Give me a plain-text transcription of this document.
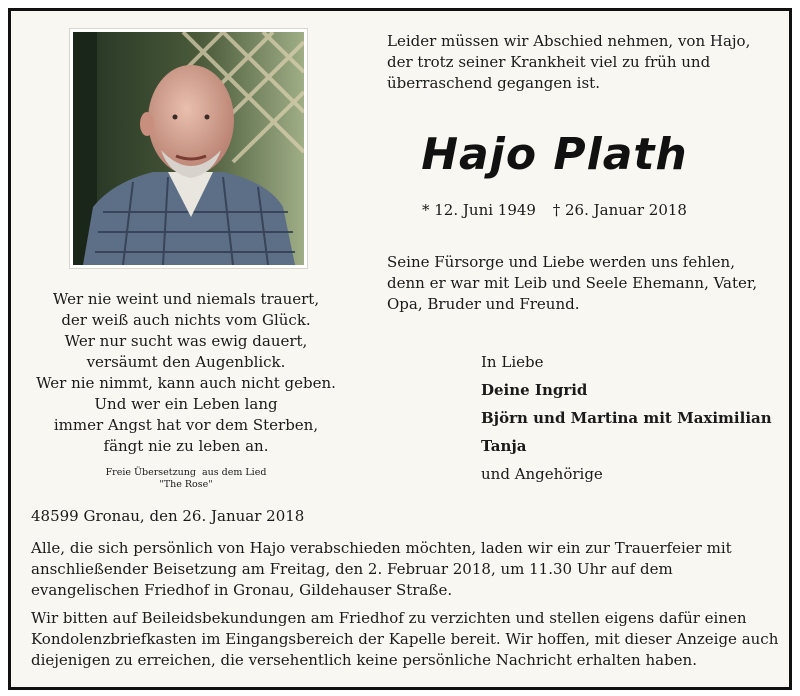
Leider müssen wir Abschied nehmen, von Hajo, der trotz seiner Krankheit viel zu früh und überraschend gegangen ist.
Hajo Plath
* 12. Juni 1949 † 26. Januar 2018
Seine Fürsorge und Liebe werden uns fehlen, denn er war mit Leib und Seele Ehemann, Vater, Opa, Bruder und Freund.
In Liebe
Deine Ingrid
Björn und Martina mit Maximilian
Tanja
und Angehörige
Wer nie weint und niemals trauert,
der weiß auch nichts vom Glück.
Wer nur sucht was ewig dauert,
versäumt den Augenblick.
Wer nie nimmt, kann auch nicht geben.
Und wer ein Leben lang
immer Angst hat vor dem Sterben,
fängt nie zu leben an.
Freie Übersetzung  aus dem Lied
"The Rose"
48599 Gronau, den 26. Januar 2018
Alle, die sich persönlich von Hajo verabschieden möchten, laden wir ein zur Trauerfeier mit anschließender Beisetzung am Freitag, den 2. Februar 2018, um 11.30 Uhr auf dem evangelischen Friedhof in Gronau, Gildehauser Straße.
Wir bitten auf Beileidsbekundungen am Friedhof zu verzichten und stellen eigens dafür einen Kondolenzbriefkasten im Eingangsbereich der Kapelle bereit. Wir hoffen, mit dieser Anzeige auch diejenigen zu erreichen, die versehentlich keine persönliche Nachricht erhalten haben.
